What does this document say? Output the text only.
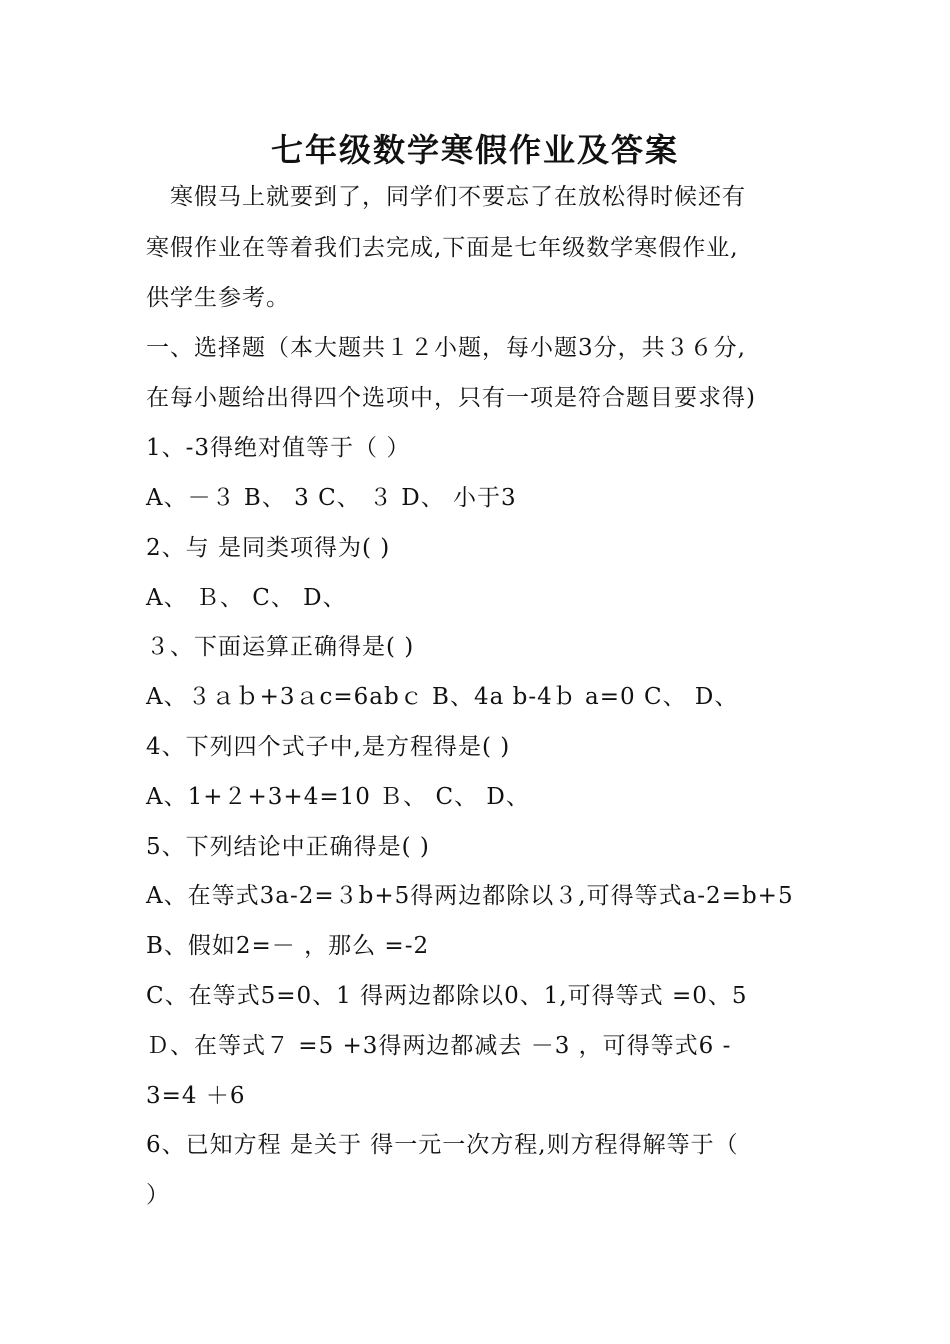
七年级数学寒假作业及答案
寒假马上就要到了，同学们不要忘了在放松得时候还有
寒假作业在等着我们去完成,下面是七年级数学寒假作业,
供学生参考。
一、选择题（本大题共１２小题，每小题3分，共３６分,
在每小题给出得四个选项中，只有一项是符合题目要求得)
1、-3得绝对值等于（ ）
A、－３ B、 3 C、 ３ D、 小于3
2、与 是同类项得为( )
A、 Ｂ、 C、 D、
３、下面运算正确得是( )
A、３ａｂ+3ａc=6abｃ B、4a b-4ｂ a=0 C、 D、
4、下列四个式子中,是方程得是( )
A、1+２+3+4=10 Ｂ、 C、 D、
5、下列结论中正确得是( )
A、在等式3a-2=３b+5得两边都除以３,可得等式a-2=b+5
B、假如2=－ ，那么 =-2
C、在等式5=0、1 得两边都除以0、1,可得等式 =0、5
Ｄ、在等式７ =5 +3得两边都减去 －3 ，可得等式6 -
3=4 ＋6
6、已知方程 是关于 得一元一次方程,则方程得解等于（
）
